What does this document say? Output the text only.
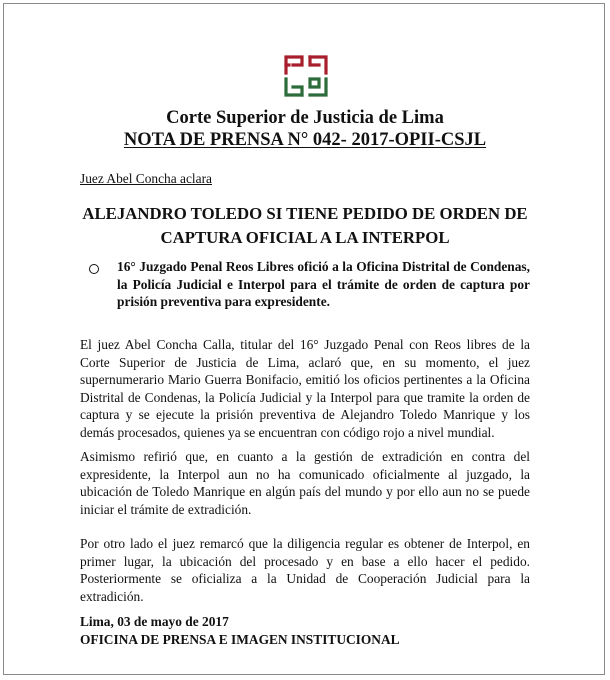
Corte Superior de Justicia de Lima
NOTA DE PRENSA N° 042- 2017-OPII-CSJL
Juez Abel Concha aclara
ALEJANDRO TOLEDO SI TIENE PEDIDO DE ORDEN DE CAPTURA OFICIAL A LA INTERPOL
16° Juzgado Penal Reos Libres ofició a la Oficina Distrital de Condenas, la Policía Judicial e Interpol para el trámite de orden de captura por prisión preventiva para expresidente.

El juez Abel Concha Calla, titular del 16° Juzgado Penal con Reos libres de la Corte Superior de Justicia de Lima, aclaró que, en su momento, el juez supernumerario Mario Guerra Bonifacio, emitió los oficios pertinentes a la Oficina Distrital de Condenas, la Policía Judicial y la Interpol para que tramite la orden de captura y se ejecute la prisión preventiva de Alejandro Toledo Manrique y los demás procesados, quienes ya se encuentran con código rojo a nivel mundial.

Asimismo refirió que, en cuanto a la gestión de extradición en contra del expresidente, la Interpol aun no ha comunicado oficialmente al juzgado, la ubicación de Toledo Manrique en algún país del mundo y por ello aun no se puede iniciar el trámite de extradición.

Por otro lado el juez remarcó que la diligencia regular es obtener de Interpol, en primer lugar, la ubicación del procesado y en base a ello hacer el pedido. Posteriormente se oficializa a la Unidad de Cooperación Judicial para la extradición.

Lima, 03 de mayo de 2017
OFICINA DE PRENSA E IMAGEN INSTITUCIONAL
